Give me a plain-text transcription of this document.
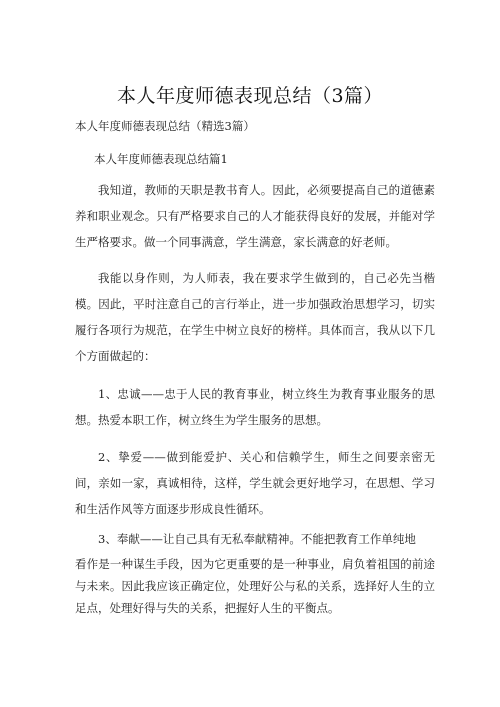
本人年度师德表现总结（3篇）
本人年度师德表现总结（精选3篇）
本人年度师德表现总结篇1

我知道，教师的天职是教书育人。因此，必须要提高自己的道德素养和职业观念。只有严格要求自己的人才能获得良好的发展，并能对学生严格要求。做一个同事满意，学生满意，家长满意的好老师。

我能以身作则，为人师表，我在要求学生做到的，自己必先当楷模。因此，平时注意自己的言行举止，进一步加强政治思想学习，切实履行各项行为规范，在学生中树立良好的榜样。具体而言，我从以下几个方面做起的：

1、忠诚——忠于人民的教育事业，树立终生为教育事业服务的思想。热爱本职工作，树立终生为学生服务的思想。

2、挚爱——做到能爱护、关心和信赖学生，师生之间要亲密无间，亲如一家，真诚相待，这样，学生就会更好地学习，在思想、学习和生活作风等方面逐步形成良性循环。

3、奉献——让自己具有无私奉献精神。不能把教育工作单纯地

看作是一种谋生手段，因为它更重要的是一种事业，肩负着祖国的前途与未来。因此我应该正确定位，处理好公与私的关系，选择好人生的立足点，处理好得与失的关系，把握好人生的平衡点。
